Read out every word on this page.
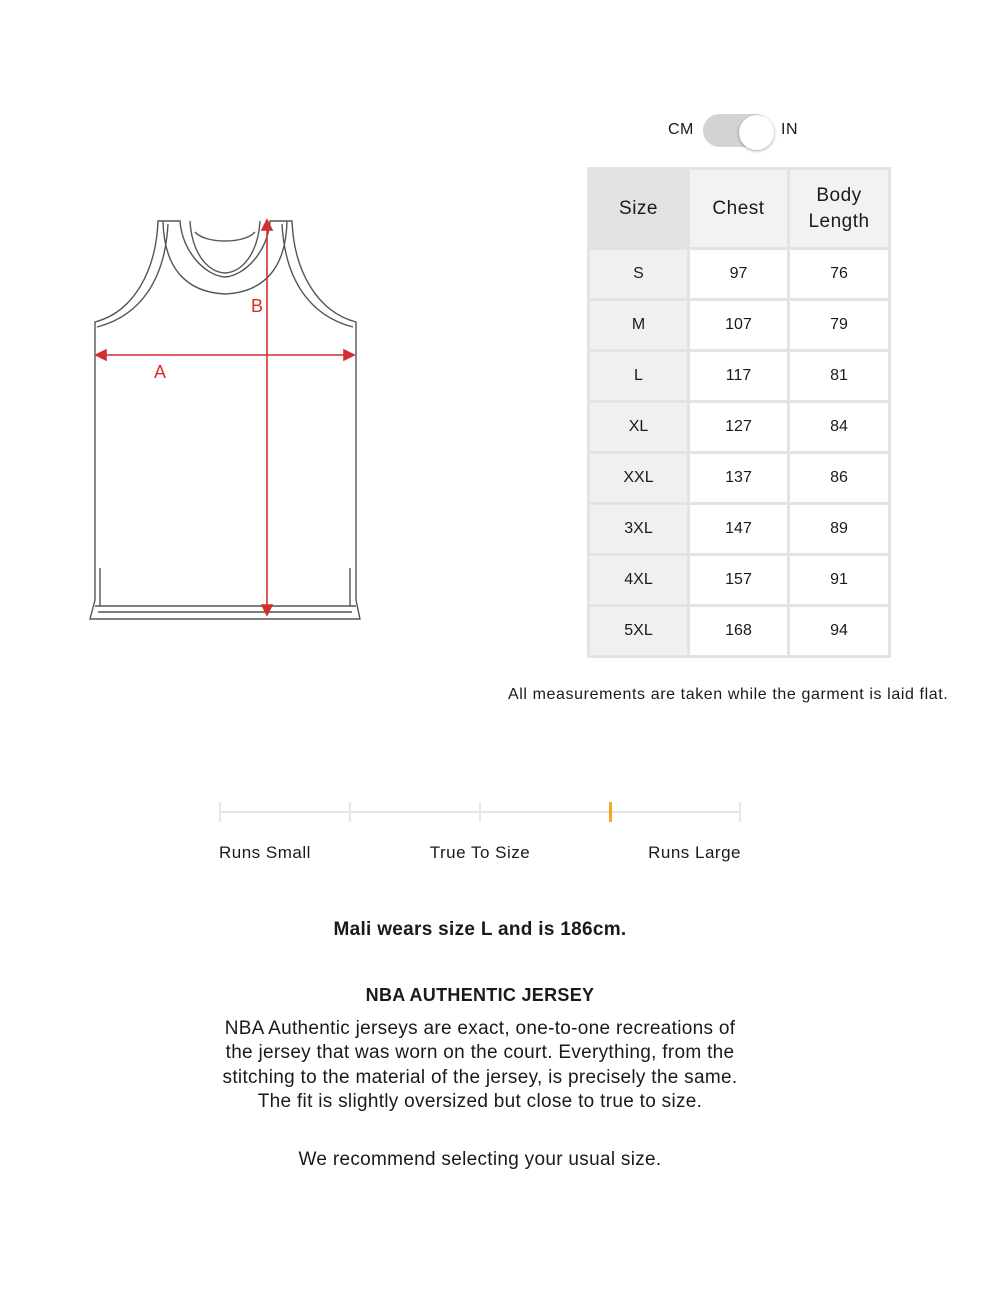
CM	IN
A
B
Size	Chest	Body Length
S	97	76
M	107	79
L	117	81
XL	127	84
XXL	137	86
3XL	147	89
4XL	157	91
5XL	168	94
All measurements are taken while the garment is laid flat.
Runs Small	True To Size	Runs Large
Mali wears size L and is 186cm.
NBA AUTHENTIC JERSEY

NBA Authentic jerseys are exact, one-to-one recreations of the jersey that was worn on the court. Everything, from the stitching to the material of the jersey, is precisely the same. The fit is slightly oversized but close to true to size.

We recommend selecting your usual size.
